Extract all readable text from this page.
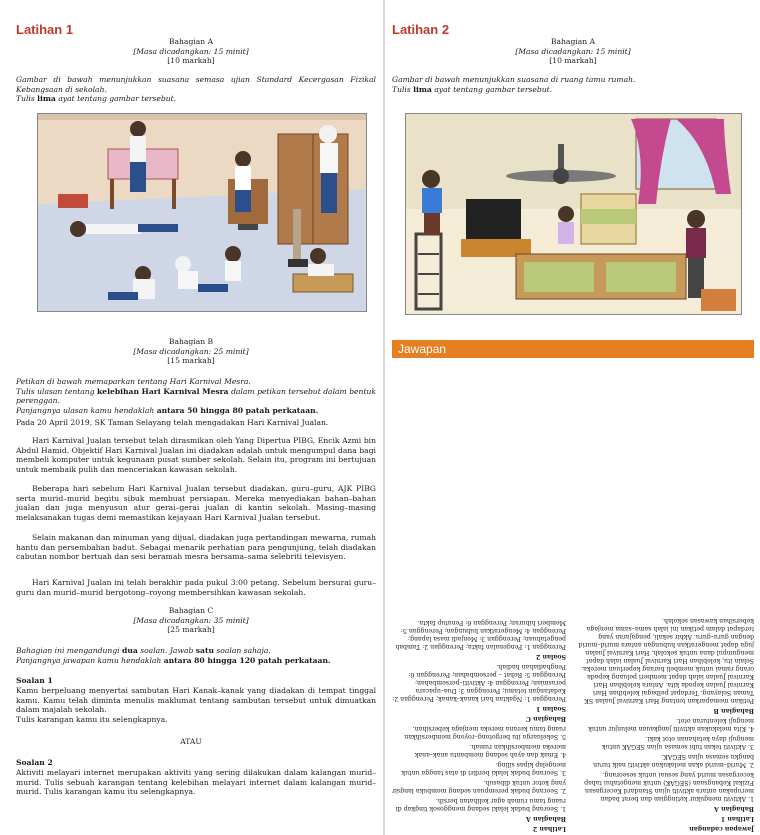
Latihan 1
Bahagian A
[Masa dicadangkan: 15 minit]
[10 markah]
Gambar di bawah menunjukkan suasana semasa ujian Standard Kecergasan Fizikal Kebangsaan di sekolah.
Tulis lima ayat tentang gambar tersebut.
Bahagian B
[Masa dicadangkan: 25 minit]
[15 markah]
Petikan di bawah memaparkan tentang Hari Karnival Mesra.
Tulis ulasan tentang kelebihan Hari Karnival Mesra dalam petikan tersebut dalam bentuk perenggan.
Panjangnya ulasan kamu hendaklah antara 50 hingga 80 patah perkataan.
Pada 20 April 2019, SK Taman Selayang telah mengadakan Hari Karnival Jualan.
Hari Karnival Jualan tersebut telah dirasmikan oleh Yang Dipertua PIBG, Encik Azmi bin Abdul Hamid. Objektif Hari Karnival Jualan ini diadakan adalah untuk mengumpul dana bagi membeli komputer untuk kegunaan pusat sumber sekolah. Selain itu, program ini bertujuan untuk membaik pulih dan menceriakan kawasan sekolah.
Beberapa hari sebelum Hari Karnival Jualan tersebut diadakan, guru–guru, AJK PIBG serta murid–murid begitu sibuk membuat persiapan. Mereka menyediakan bahan–bahan jualan dan juga menyusun atur gerai–gerai jualan di kantin sekolah. Masing–masing melaksanakan tugas demi memastikan kejayaan Hari Karnival Jualan tersebut.
Selain makanan dan minuman yang dijual, diadakan juga pertandingan mewarna, rumah hantu dan persembahan badut. Sebagai menarik perhatian para pengunjung, telah diadakan cabutan nombor bertuah dan sesi beramah mesra bersama–sama selebriti televisyen.
Hari Karnival Jualan ini telah berakhir pada pukul 3:00 petang. Sebelum bersurai guru–guru dan murid–murid bergotong–royong membersihkan kawasan sekolah.
Bahagian C
[Masa dicadangkan: 35 minit]
[25 markah]
Bahagian ini mengandungi dua soalan. Jawab satu soalan sahaja.
Panjangnya jawapan kamu hendaklah antara 80 hingga 120 patah perkataan.
Soalan 1
Kamu berpeluang menyertai sambutan Hari Kanak–kanak yang diadakan di tempat tinggal kamu. Kamu telah diminta menulis maklumat tentang sambutan tersebut untuk dimuatkan dalam majalah sekolah.
Tulis karangan kamu itu selengkapnya.
ATAU
Soalan 2
Aktiviti melayari internet merupakan aktiviti yang sering dilakukan dalam kalangan murid–murid. Tulis sebuah karangan tentang kelebihan melayari internet dalam kalangan murid–murid. Tulis karangan kamu itu selengkapnya.
Latihan 2
Bahagian A
[Masa dicadangkan: 15 minit]
[10 markah]
Gambar di bawah menunjukkan suasana di ruang tamu rumah.
Tulis lima ayat tentang gambar tersebut.
Jawapan

Jawapan cadangan

Latihan 1

Bahagian A

1. Aktiviti mengukur ketinggian dan berat badan merupakan antara aktiviti ujian Standard Kecergasan Fizikal Kebangsaan (SEGAK) untuk mengetahui tahap kecergasan murid yang sesuai untuk seseorang.

2. Murid–murid akan melakukan aktiviti naik turun bangku semasa ujian SEGAK.

3. Aktiviti tekan tubi semasa ujian SEGAK untuk menguji daya ketahanan otot kaki.

4. Kita melakukan aktiviti jangkauan melunjur untuk menguji kelenturan otot.

Bahagian B

Petikan memaparkan tentang Hari Karnival Jualan SK Taman Selayang. Terdapat pelbagai kelebihan Hari Karnival Jualan kepada kita. Antara kelebihan Hari Karnival Jualan ialah dapat memberi peluang kepada orang ramai untuk membeli barang keperluan mereka. Selain itu, kelebihan Hari Karnival Jualan ialah dapat mengumpul dana untuk sekolah. Hari Karnival Jualan juga dapat mengeratkan hubungan antara murid–murid dengan guru–guru. Akhir sekali, pengajaran yang terdapat dalam petikan ini ialah sama–sama menjaga kebersihan kawasan sekolah.

Latihan 2

Bahagian A

1. Seorang budak lelaki sedang menggosok tingkap di ruang tamu rumah agar kelihatan bersih.

2. Seorang budak perempuan sedang membuka langsir yang kotor untuk dibasuh.

3. Seorang budak lelaki berdiri di atas tangga untuk mengelap kipas siling.

4. Emak dan ayah sedang membantu anak–anak mereka membersihkan rumah.

5. Sekeluarga itu bergotong–royong membersihkan ruang tamu kerana mereka menjaga kebersihan.

Bahagian C

Soalan 1

Perenggan 1: Ngaktan hari kanak–kanak; Perenggan 2: Kedatangan tetamu; Perenggan 3: Dua–upacara perasmian; Perenggan 4: Aktiviti–persembahan; Perenggan 5: Rehat – persembahan; Perenggan 6: Penghadiahan hadiah.

Soalan 2

Perenggan 1: Pengenalan fakta; Perenggan 2: Tambah pengetahuan; Perenggan 3: Menjadi masa lapang; Perenggan 4: Mengeratkan hubungan; Perenggan 5: Memberi hiburan; Perenggan 6: Penutup fakta.
